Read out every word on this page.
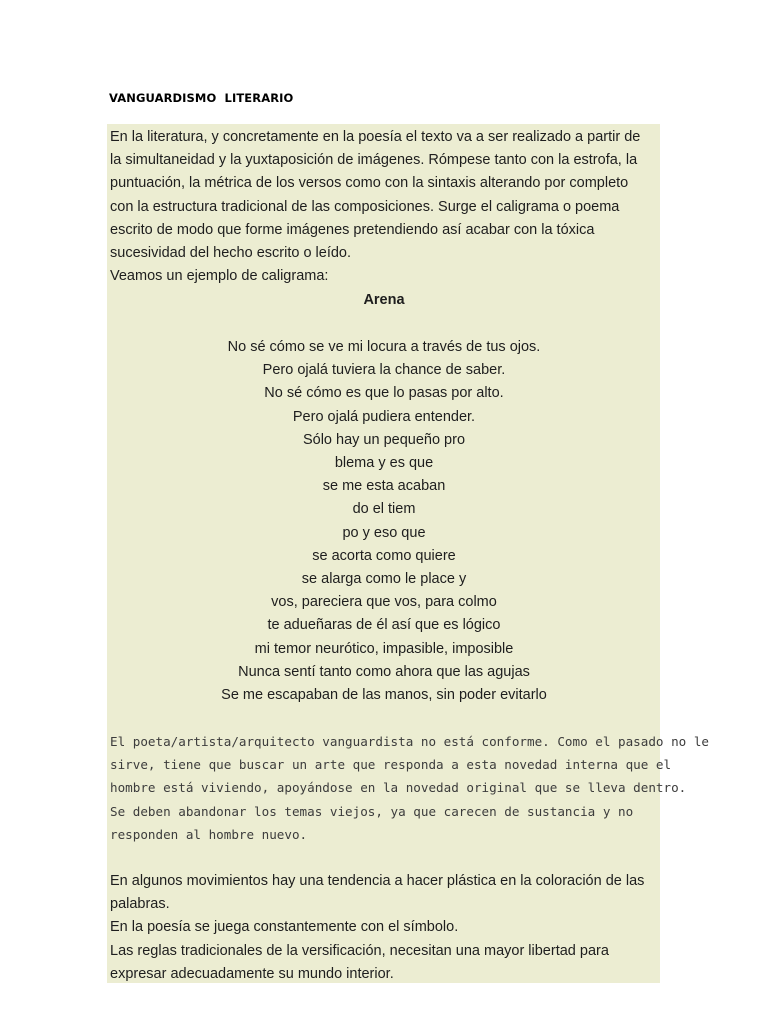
VANGUARDISMO  LITERARIO
En la literatura, y concretamente en la poesía el texto va a ser realizado a partir de
la simultaneidad y la yuxtaposición de imágenes. Rómpese tanto con la estrofa, la
puntuación, la métrica de los versos como con la sintaxis alterando por completo
con la estructura tradicional de las composiciones. Surge el caligrama o poema
escrito de modo que forme imágenes pretendiendo así acabar con la tóxica
sucesividad del hecho escrito o leído.
Veamos un ejemplo de caligrama:
Arena
No sé cómo se ve mi locura a través de tus ojos.
Pero ojalá tuviera la chance de saber.
No sé cómo es que lo pasas por alto.
Pero ojalá pudiera entender.
Sólo hay un pequeño pro
blema y es que
se me esta acaban
do el tiem
po y eso que
se acorta como quiere
se alarga como le place y
vos, pareciera que vos, para colmo
te adueñaras de él así que es lógico
mi temor neurótico, impasible, imposible
Nunca sentí tanto como ahora que las agujas
Se me escapaban de las manos, sin poder evitarlo
El poeta/artista/arquitecto vanguardista no está conforme. Como el pasado no le
sirve, tiene que buscar un arte que responda a esta novedad interna que el
hombre está viviendo, apoyándose en la novedad original que se lleva dentro.
Se deben abandonar los temas viejos, ya que carecen de sustancia y no
responden al hombre nuevo.
En algunos movimientos hay una tendencia a hacer plástica en la coloración de las
palabras.
En la poesía se juega constantemente con el símbolo.
Las reglas tradicionales de la versificación, necesitan una mayor libertad para
expresar adecuadamente su mundo interior.
